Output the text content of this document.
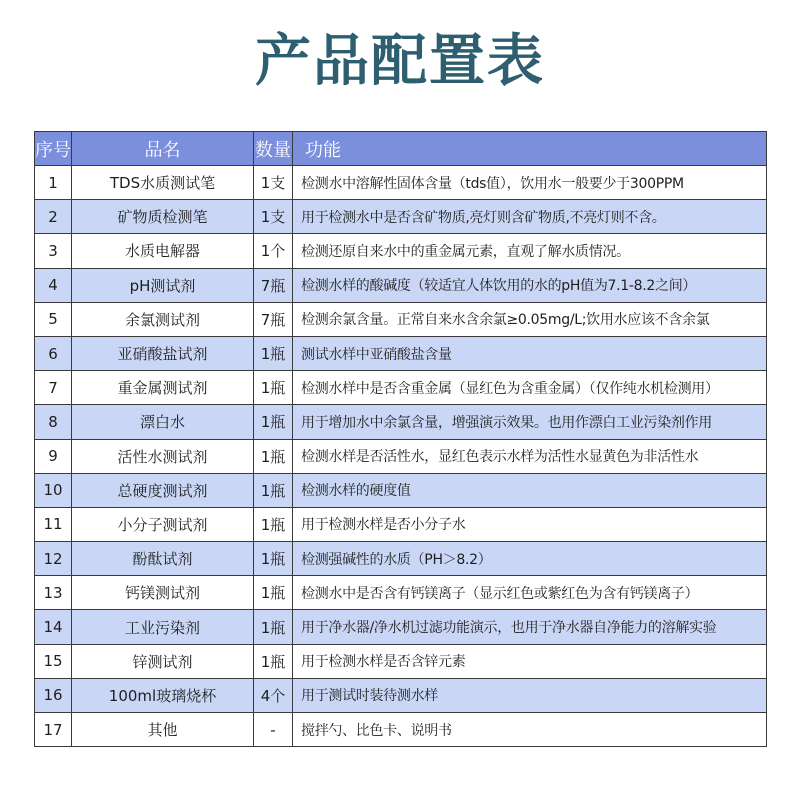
产品配置表
序号	品名	数量	功能
1	TDS水质测试笔	1支	检测水中溶解性固体含量（tds值），饮用水一般要少于300PPM
2	矿物质检测笔	1支	用于检测水中是否含矿物质,亮灯则含矿物质,不亮灯则不含。
3	水质电解器	1个	检测还原自来水中的重金属元素，直观了解水质情况。
4	pH测试剂	7瓶	检测水样的酸碱度（较适宜人体饮用的水的pH值为7.1-8.2之间）
5	余氯测试剂	7瓶	检测余氯含量。正常自来水含余氯≥0.05mg/L;饮用水应该不含余氯
6	亚硝酸盐试剂	1瓶	测试水样中亚硝酸盐含量
7	重金属测试剂	1瓶	检测水样中是否含重金属（显红色为含重金属）（仅作纯水机检测用）
8	漂白水	1瓶	用于增加水中余氯含量，增强演示效果。也用作漂白工业污染剂作用
9	活性水测试剂	1瓶	检测水样是否活性水，显红色表示水样为活性水显黄色为非活性水
10	总硬度测试剂	1瓶	检测水样的硬度值
11	小分子测试剂	1瓶	用于检测水样是否小分子水
12	酚酞试剂	1瓶	检测强碱性的水质（PH＞8.2）
13	钙镁测试剂	1瓶	检测水中是否含有钙镁离子（显示红色或紫红色为含有钙镁离子）
14	工业污染剂	1瓶	用于净水器/净水机过滤功能演示，也用于净水器自净能力的溶解实验
15	锌测试剂	1瓶	用于检测水样是否含锌元素
16	100ml玻璃烧杯	4个	用于测试时装待测水样
17	其他	-	搅拌勺、比色卡、说明书
